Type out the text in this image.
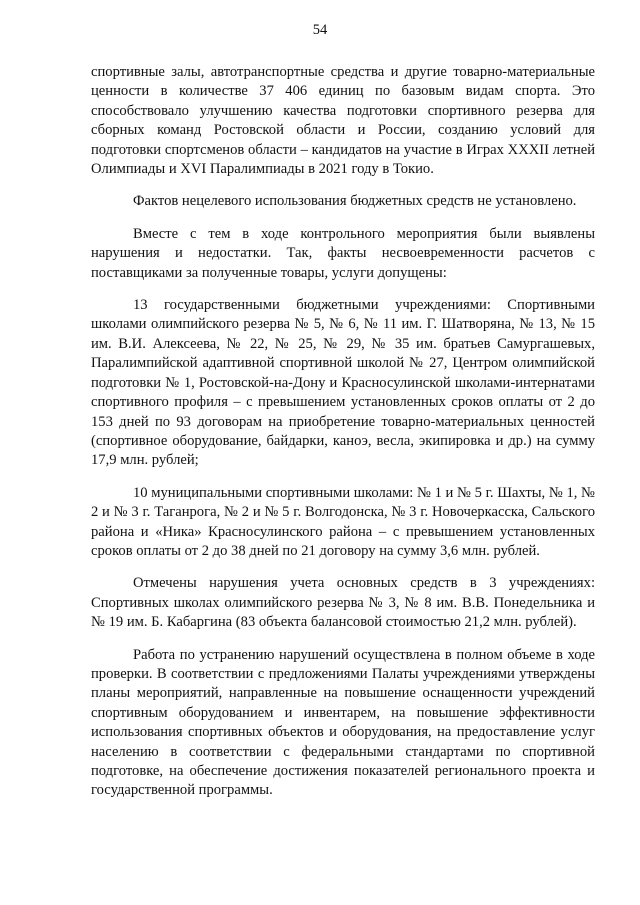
54

спортивные залы, автотранспортные средства и другие товарно-материальные ценности в количестве 37 406 единиц по базовым видам спорта. Это способствовало улучшению качества подготовки спортивного резерва для сборных команд Ростовской области и России, созданию условий для подготовки спортсменов области – кандидатов на участие в Играх XXXII летней Олимпиады и XVI Паралимпиады в 2021 году в Токио.

Фактов нецелевого использования бюджетных средств не установлено.

Вместе с тем в ходе контрольного мероприятия были выявлены нарушения и недостатки. Так, факты несвоевременности расчетов с поставщиками за полученные товары, услуги допущены:

13 государственными бюджетными учреждениями: Спортивными школами олимпийского резерва № 5, № 6, № 11 им. Г. Шатворяна, № 13, № 15 им. В.И. Алексеева, № 22, № 25, № 29, № 35 им. братьев Самургашевых, Паралимпийской адаптивной спортивной школой № 27, Центром олимпийской подготовки № 1, Ростовской-на-Дону и Красносулинской школами-интернатами спортивного профиля – с превышением установленных сроков оплаты от 2 до 153 дней по 93 договорам на приобретение товарно-материальных ценностей (спортивное оборудование, байдарки, каноэ, весла, экипировка и др.) на сумму 17,9 млн. рублей;

10 муниципальными спортивными школами: № 1 и № 5 г. Шахты, № 1, № 2 и № 3 г. Таганрога, № 2 и № 5 г. Волгодонска, № 3 г. Новочеркасска, Сальского района и «Ника» Красносулинского района – с превышением установленных сроков оплаты от 2 до 38 дней по 21 договору на сумму 3,6 млн. рублей.

Отмечены нарушения учета основных средств в 3 учреждениях: Спортивных школах олимпийского резерва № 3, № 8 им. В.В. Понедельника и № 19 им. Б. Кабаргина (83 объекта балансовой стоимостью 21,2 млн. рублей).

Работа по устранению нарушений осуществлена в полном объеме в ходе проверки. В соответствии с предложениями Палаты учреждениями утверждены планы мероприятий, направленные на повышение оснащенности учреждений спортивным оборудованием и инвентарем, на повышение эффективности использования спортивных объектов и оборудования, на предоставление услуг населению в соответствии с федеральными стандартами по спортивной подготовке, на обеспечение достижения показателей регионального проекта и государственной программы.
